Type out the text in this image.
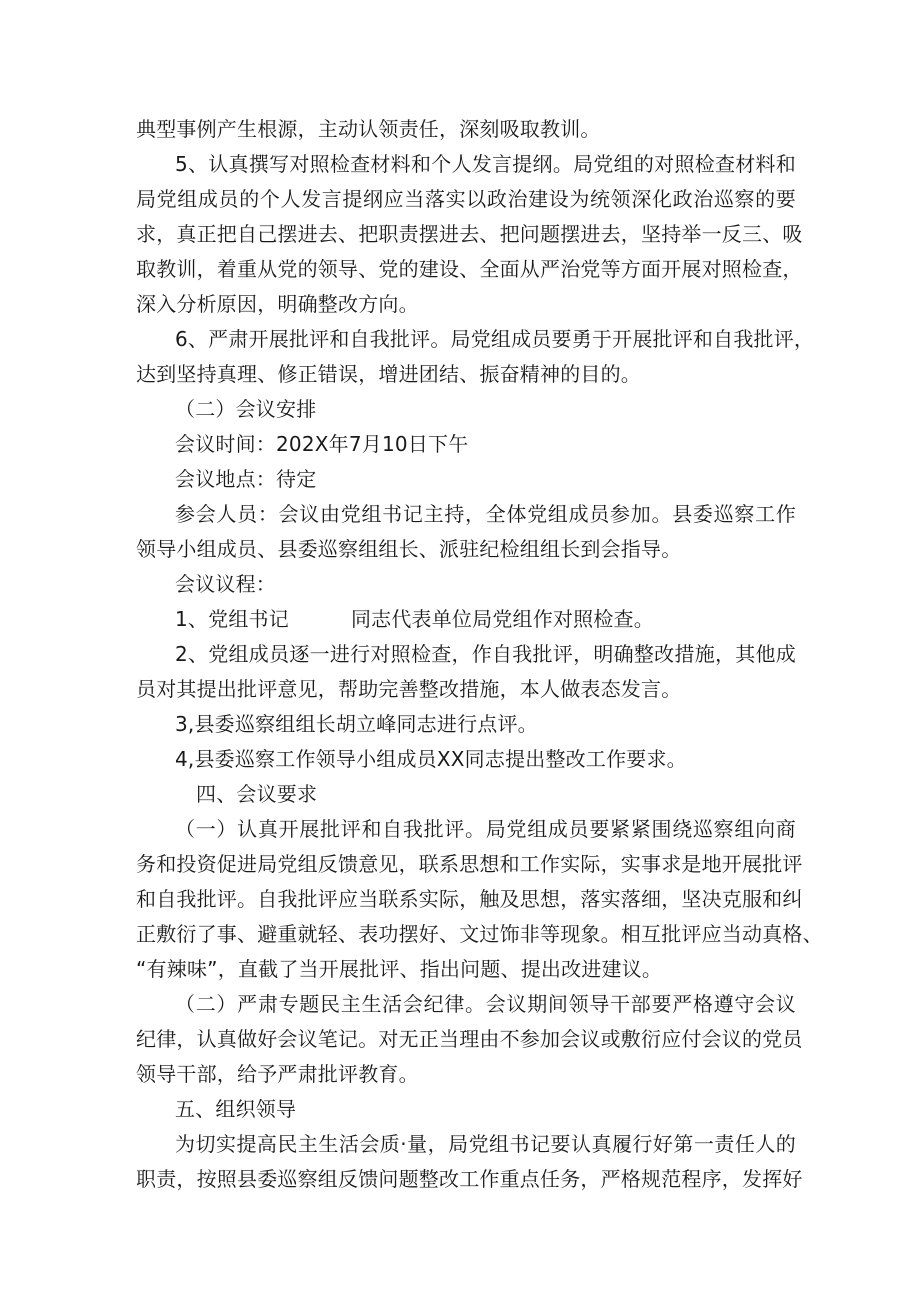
典型事例产生根源，主动认领责任，深刻吸取教训。
5、认真撰写对照检查材料和个人发言提纲。局党组的对照检查材料和
局党组成员的个人发言提纲应当落实以政治建设为统领深化政治巡察的要
求，真正把自己摆进去、把职责摆进去、把问题摆进去，坚持举一反三、吸
取教训，着重从党的领导、党的建设、全面从严治党等方面开展对照检查，
深入分析原因，明确整改方向。
6、严肃开展批评和自我批评。局党组成员要勇于开展批评和自我批评，
达到坚持真理、修正错误，增进团结、振奋精神的目的。
（二）会议安排
会议时间：202X年7月10日下午
会议地点：待定
参会人员：会议由党组书记主持，全体党组成员参加。县委巡察工作
领导小组成员、县委巡察组组长、派驻纪检组组长到会指导。
会议议程：
1、党组书记	同志代表单位局党组作对照检查。
2、党组成员逐一进行对照检查，作自我批评，明确整改措施，其他成
员对其提出批评意见，帮助完善整改措施，本人做表态发言。
3,县委巡察组组长胡立峰同志进行点评。
4,县委巡察工作领导小组成员XX同志提出整改工作要求。
四、会议要求
（一）认真开展批评和自我批评。局党组成员要紧紧围绕巡察组向商
务和投资促进局党组反馈意见，联系思想和工作实际，实事求是地开展批评
和自我批评。自我批评应当联系实际，触及思想，落实落细，坚决克服和纠
正敷衍了事、避重就轻、表功摆好、文过饰非等现象。相互批评应当动真格、
“有辣味”，直截了当开展批评、指出问题、提出改进建议。
（二）严肃专题民主生活会纪律。会议期间领导干部要严格遵守会议
纪律，认真做好会议笔记。对无正当理由不参加会议或敷衍应付会议的党员
领导干部，给予严肃批评教育。
五、组织领导
为切实提高民主生活会质·量，局党组书记要认真履行好第一责任人的
职责，按照县委巡察组反馈问题整改工作重点任务，严格规范程序，发挥好
